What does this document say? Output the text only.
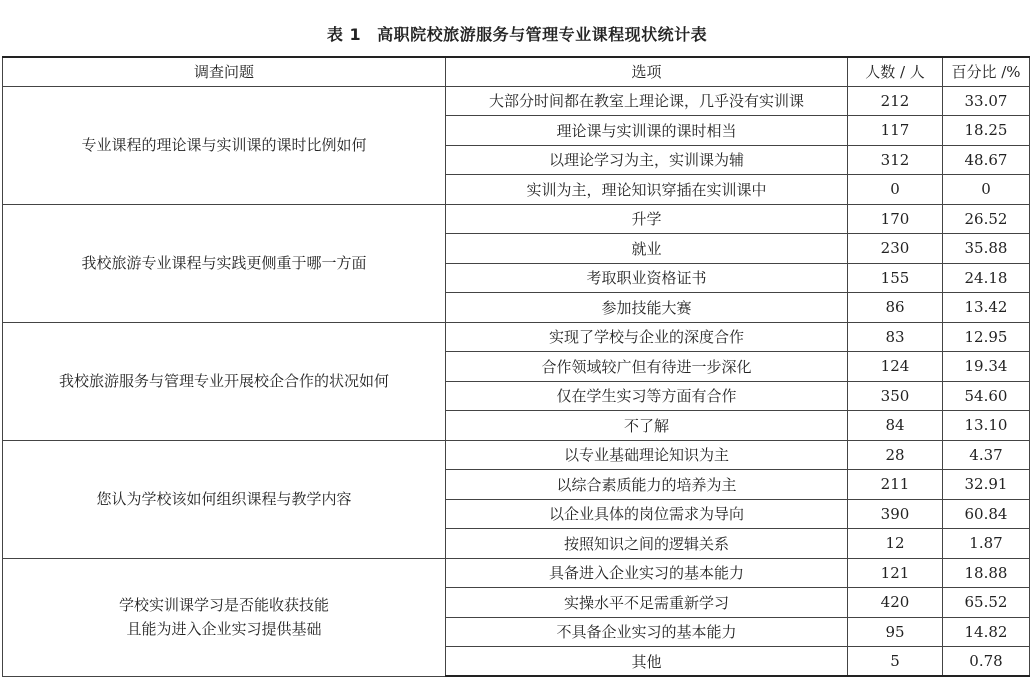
表 1 高职院校旅游服务与管理专业课程现状统计表
调查问题	选项	人数 / 人	百分比 /%

专业课程的理论课与实训课的课时比例如何	大部分时间都在教室上理论课，几乎没有实训课	212	33.07
	理论课与实训课的课时相当	117	18.25
	以理论学习为主，实训课为辅	312	48.67
	实训为主，理论知识穿插在实训课中	0	0

我校旅游专业课程与实践更侧重于哪一方面	升学	170	26.52
	就业	230	35.88
	考取职业资格证书	155	24.18
	参加技能大赛	86	13.42

我校旅游服务与管理专业开展校企合作的状况如何	实现了学校与企业的深度合作	83	12.95
	合作领域较广但有待进一步深化	124	19.34
	仅在学生实习等方面有合作	350	54.60
	不了解	84	13.10

您认为学校该如何组织课程与教学内容	以专业基础理论知识为主	28	4.37
	以综合素质能力的培养为主	211	32.91
	以企业具体的岗位需求为导向	390	60.84
	按照知识之间的逻辑关系	12	1.87

学校实训课学习是否能收获技能
且能为进入企业实习提供基础	具备进入企业实习的基本能力	121	18.88
	实操水平不足需重新学习	420	65.52
	不具备企业实习的基本能力	95	14.82
	其他	5	0.78
